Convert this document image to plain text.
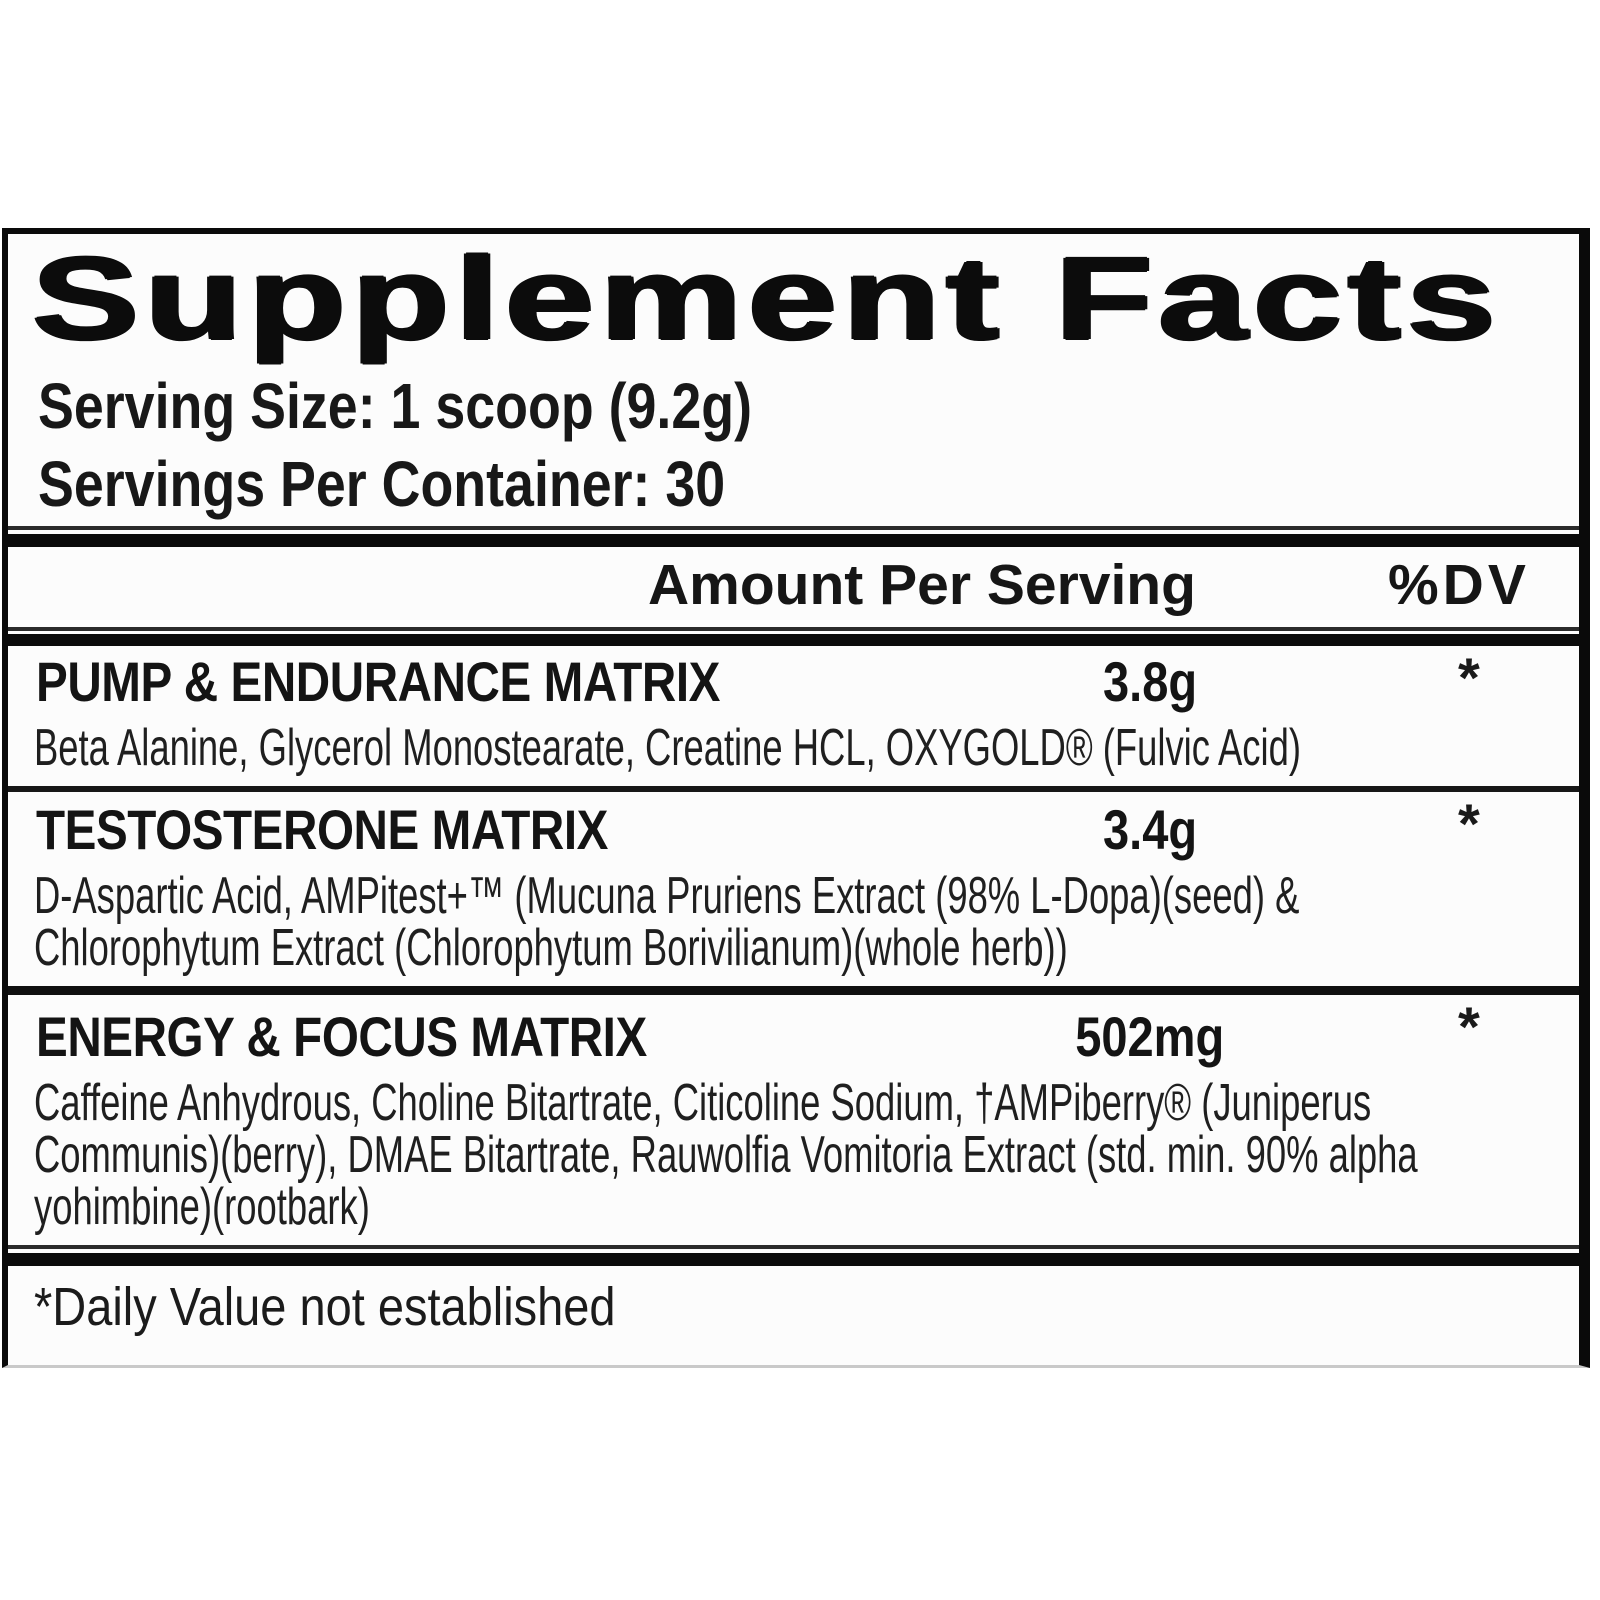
Supplement Facts
Serving Size: 1 scoop (9.2g)
Servings Per Container: 30
Amount Per Serving	%DV
PUMP & ENDURANCE MATRIX	3.8g	*
Beta Alanine, Glycerol Monostearate, Creatine HCL, OXYGOLD® (Fulvic Acid)
TESTOSTERONE MATRIX	3.4g	*
D-Aspartic Acid, AMPitest+™ (Mucuna Pruriens Extract (98% L-Dopa)(seed) &
Chlorophytum Extract (Chlorophytum Borivilianum)(whole herb))
ENERGY & FOCUS MATRIX	502mg	*
Caffeine Anhydrous, Choline Bitartrate, Citicoline Sodium, †AMPiberry® (Juniperus
Communis)(berry), DMAE Bitartrate, Rauwolfia Vomitoria Extract (std. min. 90% alpha
yohimbine)(rootbark)
*Daily Value not established
